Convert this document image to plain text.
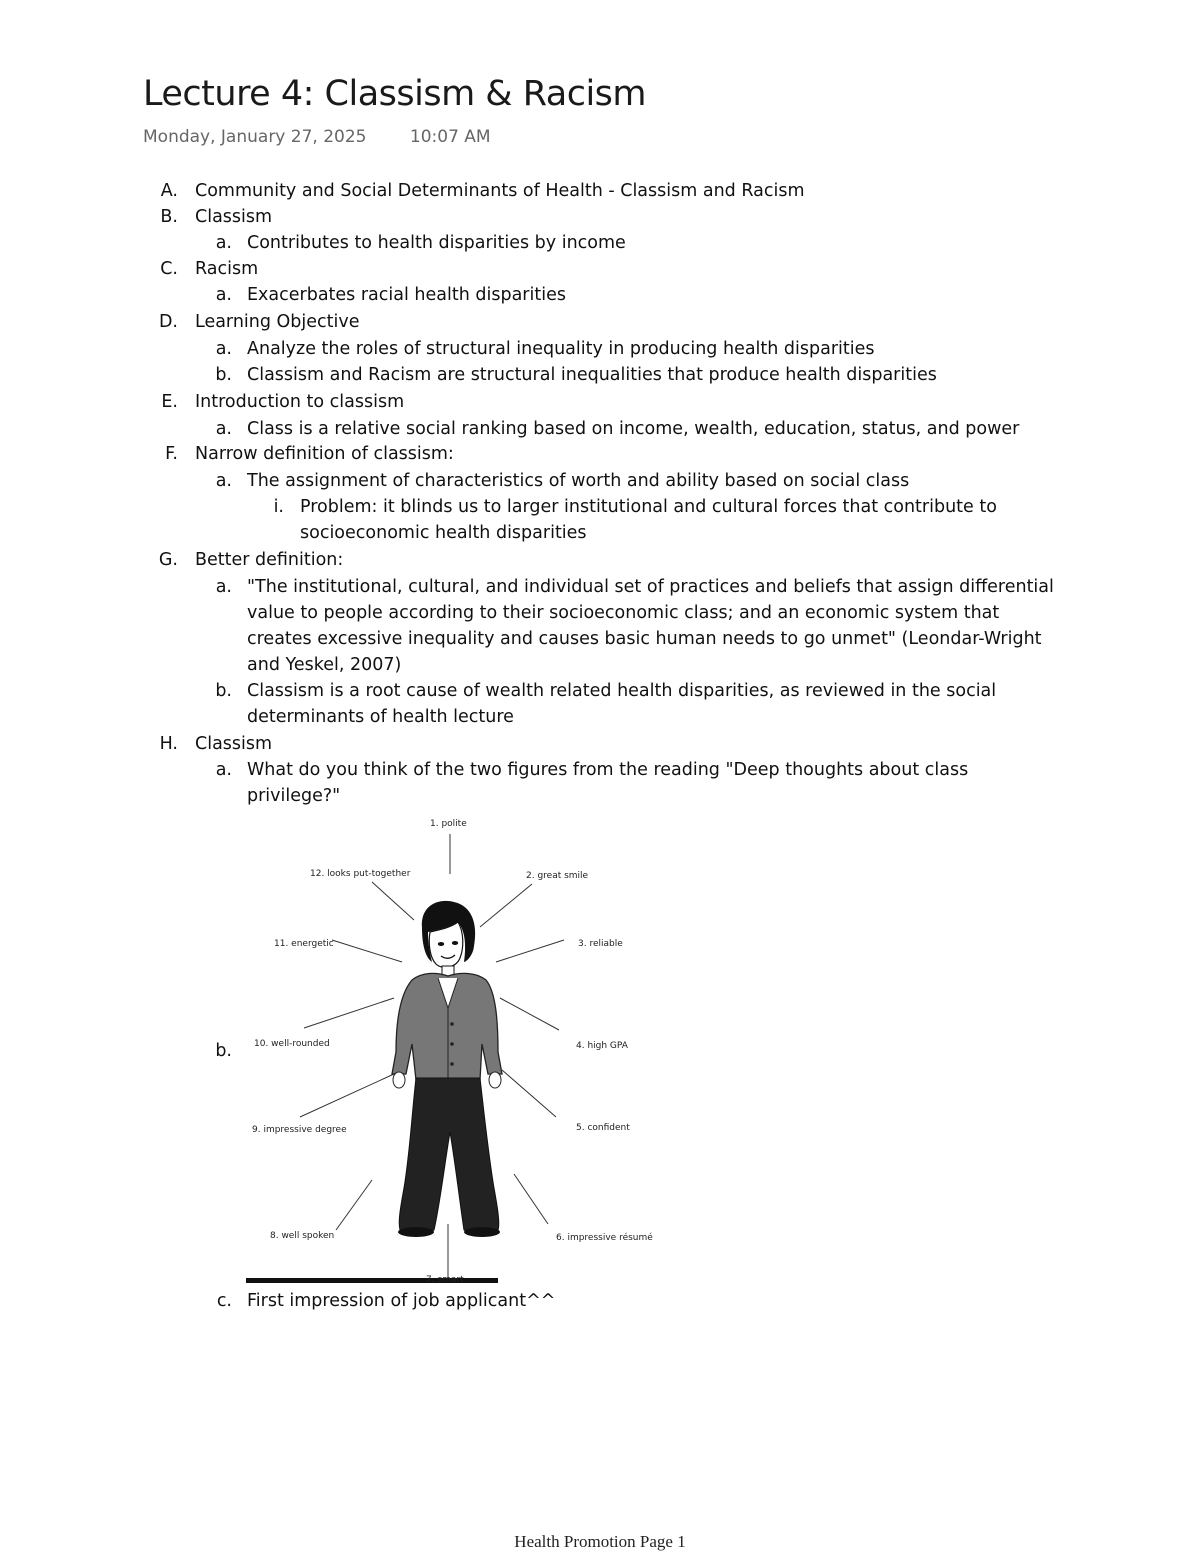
Lecture 4: Classism & Racism
Monday, January 27, 2025	10:07 AM
A. Community and Social Determinants of Health - Classism and Racism
B. Classism
a. Contributes to health disparities by income
C. Racism
a. Exacerbates racial health disparities
D. Learning Objective
a. Analyze the roles of structural inequality in producing health disparities
b. Classism and Racism are structural inequalities that produce health disparities
E. Introduction to classism
a. Class is a relative social ranking based on income, wealth, education, status, and power
F. Narrow definition of classism:
a. The assignment of characteristics of worth and ability based on social class
i. Problem: it blinds us to larger institutional and cultural forces that contribute to
socioeconomic health disparities
G. Better definition:
a. "The institutional, cultural, and individual set of practices and beliefs that assign differential
value to people according to their socioeconomic class; and an economic system that
creates excessive inequality and causes basic human needs to go unmet" (Leondar-Wright
and Yeskel, 2007)
b. Classism is a root cause of wealth related health disparities, as reviewed in the social
determinants of health lecture
H. Classism
a. What do you think of the two figures from the reading "Deep thoughts about class
privilege?"
b.
c. First impression of job applicant^^
1. polite
2. great smile
3. reliable
4. high GPA
5. confident
6. impressive résumé
7. smart
8. well spoken
9. impressive degree
10. well-rounded
11. energetic
12. looks put-together
Health Promotion Page 1
